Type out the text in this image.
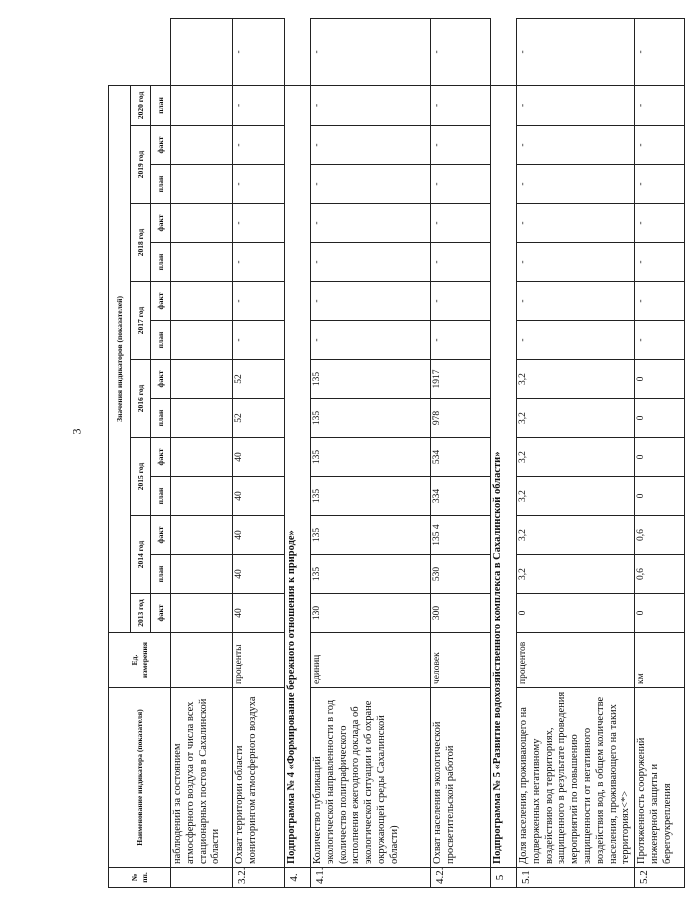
3
№ пп.	Наименование индикатора (показателя)	Ед. измерения	Значения индикаторов (показателей)														
			2013 год	2014 год		2015 год		2016 год		2017 год		2018 год		2019 год		2020 год	
			факт	план	факт	план	факт	план	факт	план	факт	план	факт	план	факт	план	
	наблюдений за состоянием атмосферного воздуха от числа всех стационарных постов в Сахалинской области																
3.2.	Охват территории области мониторингом атмосферного воздуха	проценты	40	40	40	40	40	52	52	-	-	-	-	-	-	-	-
4.	Подпрограмма № 4 «Формирование бережного отношения к природе»																
4.1.	Количество публикаций экологической направленности в год (количество полиграфического исполнения ежегодного доклада об экологической ситуации и об охране окружающей среды Сахалинской области)	единиц	130	135	135	135	135	135	135	-	-	-	-	-	-	-	-
4.2.	Охват населения экологической просветительской работой	человек	300	530	135 4	334	534	978	1917	-	-	-	-	-	-	-	-
5	Подпрограмма № 5 «Развитие водохозяйственного комплекса в Сахалинской области»																
5.1	Доля населения, проживающего на подверженных негативному воздействию вод территориях, защищенного в результате проведения мероприятий по повышению защищенности от негативного воздействия вод, в общем количестве населения, проживающего на таких территориях<*>	процентов	0	3,2	3,2	3,2	3,2	3,2	3,2	-	-	-	-	-	-	-	-
5.2	Протяженность сооружений инженерной защиты и берегоукрепления	км	0	0,6	0,6	0	0	0	0	-	-	-	-	-	-	-	-
